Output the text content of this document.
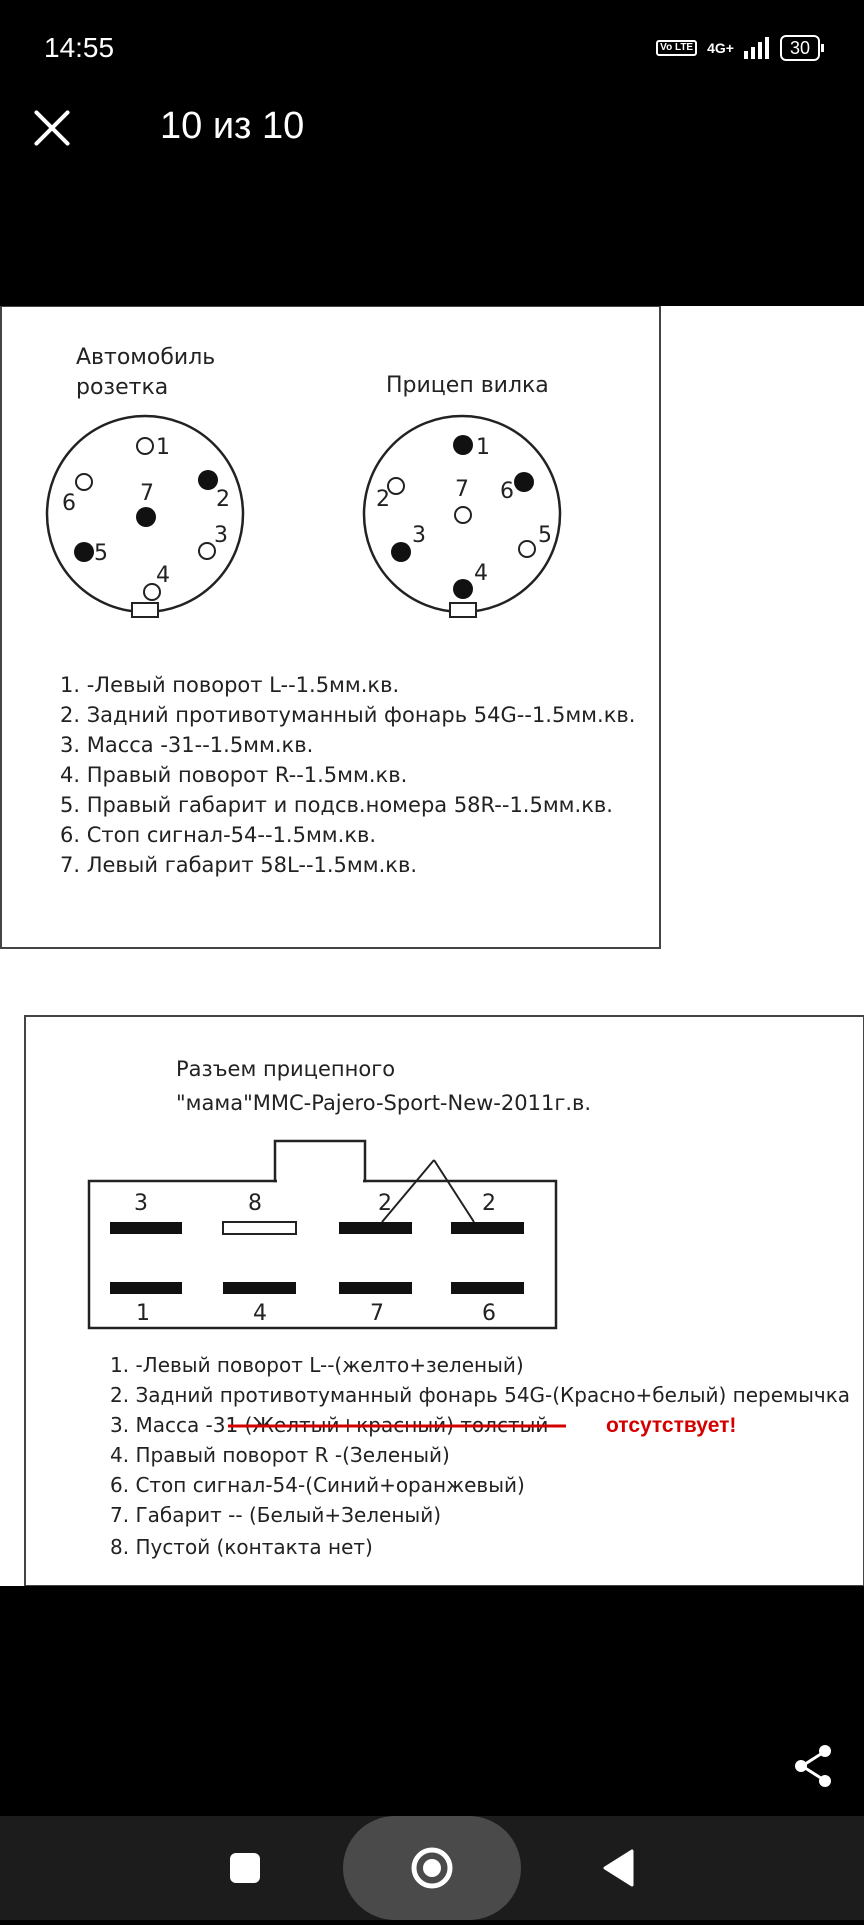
14:55	Vo LTE 4G+	30
10 из 10
Автомобиль
розетка	Прицеп вилка
1
2
3
4
5
6	7
1
2
3
4
5
6
7
1. -Левый поворот L--1.5мм.кв.
2. Задний противотуманный фонарь 54G--1.5мм.кв.
3. Масса -31--1.5мм.кв.
4. Правый поворот R--1.5мм.кв.
5. Правый габарит и подсв.номера 58R--1.5мм.кв.
6. Стоп сигнал-54--1.5мм.кв.
7. Левый габарит 58L--1.5мм.кв.
Разъем прицепного
"мама"MMC-Pajero-Sport-New-2011г.в.
3	8	2	2
1	4	7	6
1. -Левый поворот L--(желто+зеленый)
2. Задний противотуманный фонарь 54G-(Красно+белый) перемычка
3. Масса -31 (Желтый+красный) толстый	отсутствует!
4. Правый поворот R -(Зеленый)
6. Стоп сигнал-54-(Синий+оранжевый)
7. Габарит -- (Белый+Зеленый)
8. Пустой (контакта нет)
